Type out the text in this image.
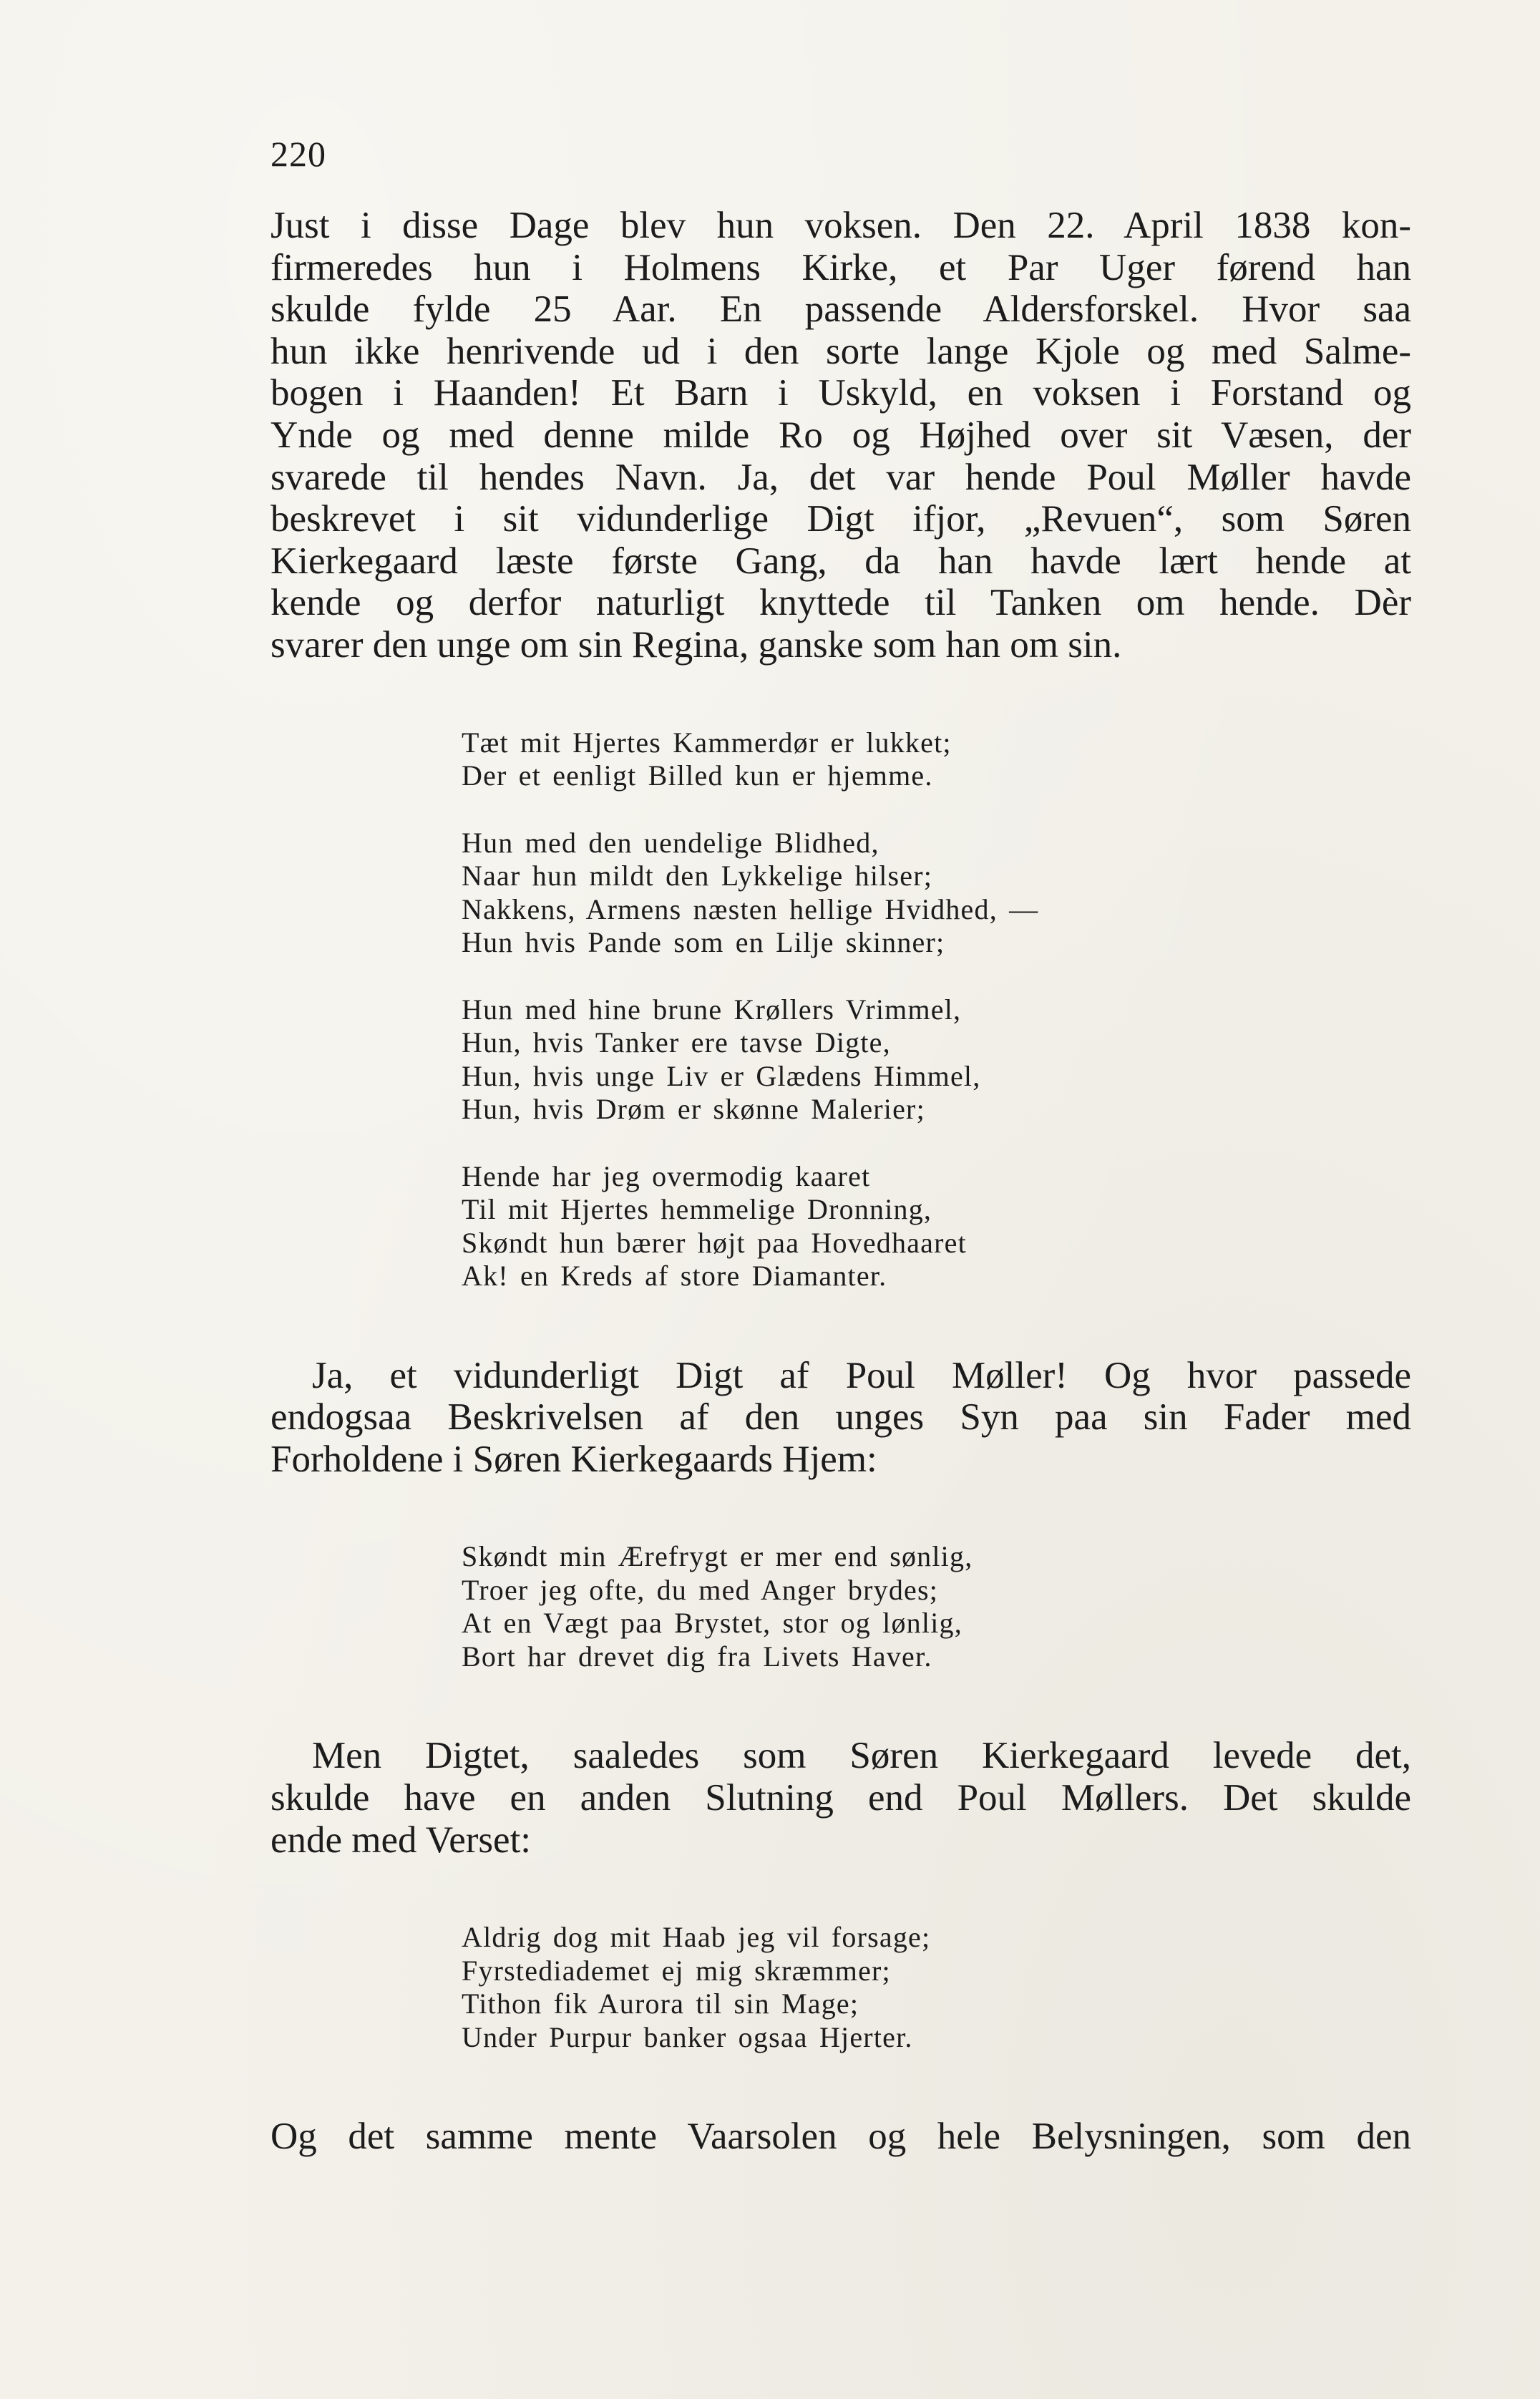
220
Just i disse Dage blev hun voksen. Den 22. April 1838 kon-
firmeredes hun i Holmens Kirke, et Par Uger førend han
skulde fylde 25 Aar. En passende Aldersforskel. Hvor saa
hun ikke henrivende ud i den sorte lange Kjole og med Salme-
bogen i Haanden! Et Barn i Uskyld, en voksen i Forstand og
Ynde og med denne milde Ro og Højhed over sit Væsen, der
svarede til hendes Navn. Ja, det var hende Poul Møller havde
beskrevet i sit vidunderlige Digt ifjor, „Revuen“, som Søren
Kierkegaard læste første Gang, da han havde lært hende at
kende og derfor naturligt knyttede til Tanken om hende. Dèr
svarer den unge om sin Regina, ganske som han om sin.
Tæt mit Hjertes Kammerdør er lukket;
Der et eenligt Billed kun er hjemme.
Hun med den uendelige Blidhed,
Naar hun mildt den Lykkelige hilser;
Nakkens, Armens næsten hellige Hvidhed, —
Hun hvis Pande som en Lilje skinner;
Hun med hine brune Krøllers Vrimmel,
Hun, hvis Tanker ere tavse Digte,
Hun, hvis unge Liv er Glædens Himmel,
Hun, hvis Drøm er skønne Malerier;
Hende har jeg overmodig kaaret
Til mit Hjertes hemmelige Dronning,
Skøndt hun bærer højt paa Hovedhaaret
Ak! en Kreds af store Diamanter.
Ja, et vidunderligt Digt af Poul Møller! Og hvor passede
endogsaa Beskrivelsen af den unges Syn paa sin Fader med
Forholdene i Søren Kierkegaards Hjem:
Skøndt min Ærefrygt er mer end sønlig,
Troer jeg ofte, du med Anger brydes;
At en Vægt paa Brystet, stor og lønlig,
Bort har drevet dig fra Livets Haver.
Men Digtet, saaledes som Søren Kierkegaard levede det,
skulde have en anden Slutning end Poul Møllers. Det skulde
ende med Verset:
Aldrig dog mit Haab jeg vil forsage;
Fyrstediademet ej mig skræmmer;
Tithon fik Aurora til sin Mage;
Under Purpur banker ogsaa Hjerter.
Og det samme mente Vaarsolen og hele Belysningen, som den
